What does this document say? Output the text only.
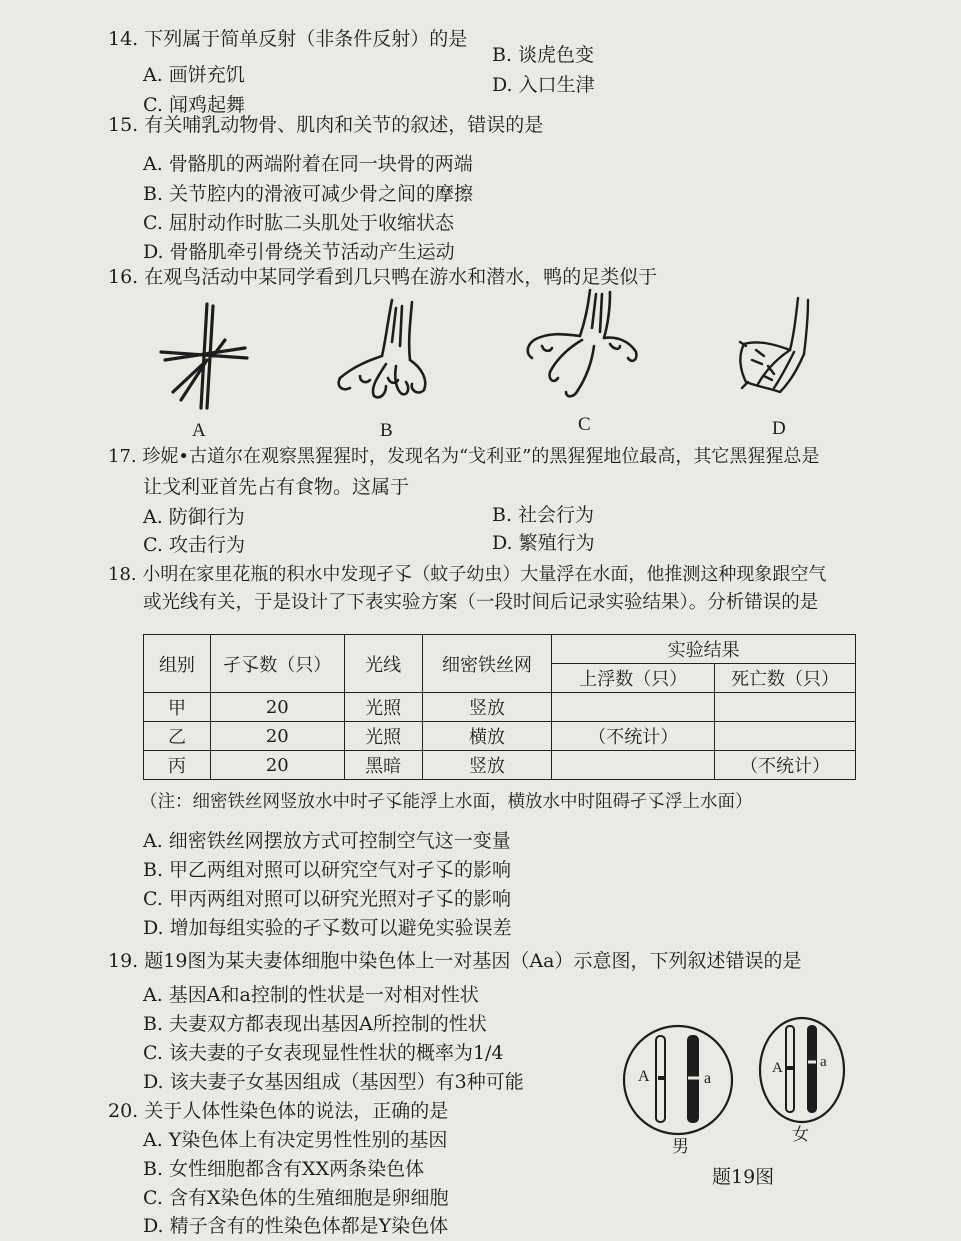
14. 下列属于简单反射（非条件反射）的是
A. 画饼充饥
B. 谈虎色变
C. 闻鸡起舞
D. 入口生津
15. 有关哺乳动物骨、肌肉和关节的叙述，错误的是
A. 骨骼肌的两端附着在同一块骨的两端
B. 关节腔内的滑液可减少骨之间的摩擦
C. 屈肘动作时肱二头肌处于收缩状态
D. 骨骼肌牵引骨绕关节活动产生运动
16. 在观鸟活动中某同学看到几只鸭在游水和潜水，鸭的足类似于
A	B	C	D
17. 珍妮•古道尔在观察黑猩猩时，发现名为“戈利亚”的黑猩猩地位最高，其它黑猩猩总是
让戈利亚首先占有食物。这属于
A. 防御行为	B. 社会行为
C. 攻击行为	D. 繁殖行为
18. 小明在家里花瓶的积水中发现孑孓（蚊子幼虫）大量浮在水面，他推测这种现象跟空气
或光线有关，于是设计了下表实验方案（一段时间后记录实验结果）。分析错误的是
组别	孑孓数（只）	光线	细密铁丝网	实验结果	
				上浮数（只）	死亡数（只）
甲	20	光照	竖放		
乙	20	光照	横放	（不统计）	
丙	20	黑暗	竖放		（不统计）
（注：细密铁丝网竖放水中时孑孓能浮上水面，横放水中时阻碍孑孓浮上水面）
A. 细密铁丝网摆放方式可控制空气这一变量
B. 甲乙两组对照可以研究空气对孑孓的影响
C. 甲丙两组对照可以研究光照对孑孓的影响
D. 增加每组实验的孑孓数可以避免实验误差
19. 题19图为某夫妻体细胞中染色体上一对基因（Aa）示意图，下列叙述错误的是
A. 基因A和a控制的性状是一对相对性状
B. 夫妻双方都表现出基因A所控制的性状
C. 该夫妻的子女表现显性性状的概率为1/4
D. 该夫妻子女基因组成（基因型）有3种可能	A	a
男
A a
女
题19图
20. 关于人体性染色体的说法，正确的是
A. Y染色体上有决定男性性别的基因
B. 女性细胞都含有XX两条染色体
C. 含有X染色体的生殖细胞是卵细胞
D. 精子含有的性染色体都是Y染色体
